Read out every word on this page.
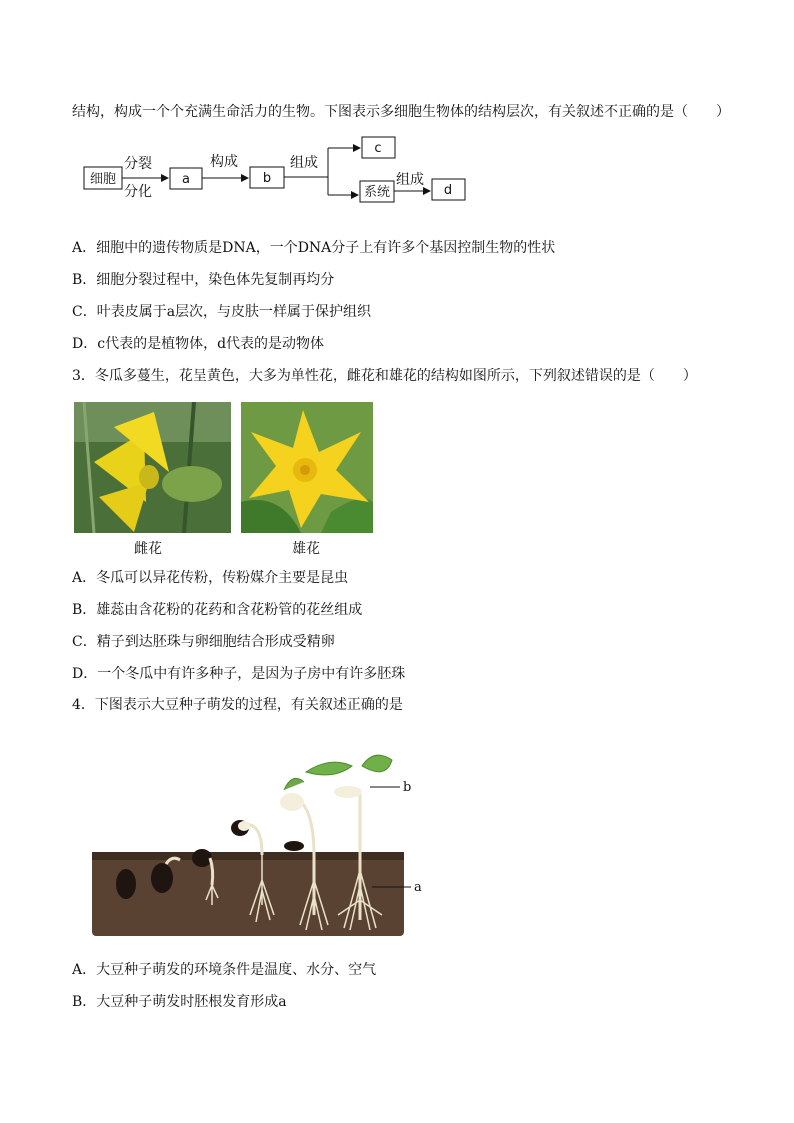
结构，构成一个个充满生命活力的生物。下图表示多细胞生物体的结构层次，有关叙述不正确的是（　　）
细胞
分裂
分化
a
构成
b
组成
c
系统
组成
d
A．细胞中的遗传物质是DNA，一个DNA分子上有许多个基因控制生物的性状
B．细胞分裂过程中，染色体先复制再均分
C．叶表皮属于a层次，与皮肤一样属于保护组织
D．c代表的是植物体，d代表的是动物体
3．冬瓜多蔓生，花呈黄色，大多为单性花，雌花和雄花的结构如图所示，下列叙述错误的是（　　）
雌花	雄花
A．冬瓜可以异花传粉，传粉媒介主要是昆虫
B．雄蕊由含花粉的花药和含花粉管的花丝组成
C．精子到达胚珠与卵细胞结合形成受精卵
D．一个冬瓜中有许多种子，是因为子房中有许多胚珠
4．下图表示大豆种子萌发的过程，有关叙述正确的是
b
a
A．大豆种子萌发的环境条件是温度、水分、空气
B．大豆种子萌发时胚根发育形成a
